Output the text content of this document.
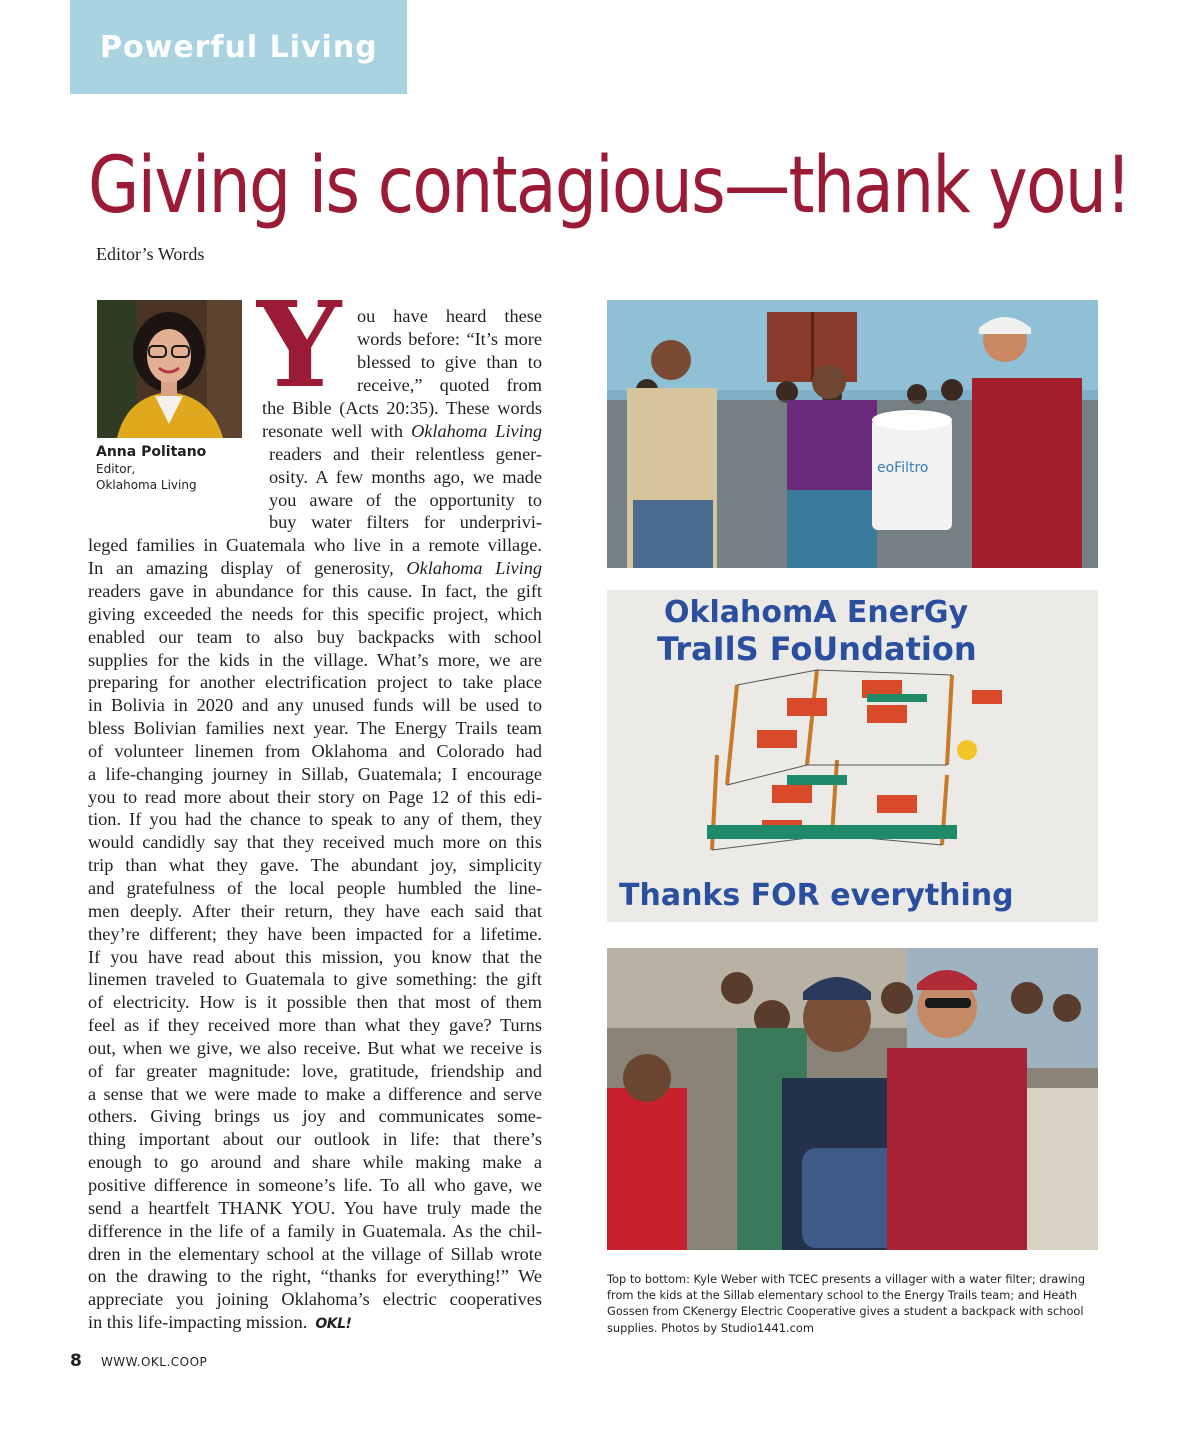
Powerful Living
Giving is contagious—thank you!
Editor’s Words
Anna Politano
Editor,
Oklahoma Living
Y ou have heard these
words before: “It’s more
blessed to give than to
receive,” quoted from
the Bible (Acts 20:35). These words
resonate well with Oklahoma Living
readers and their relentless gener-
osity. A few months ago, we made
you aware of the opportunity to
buy water filters for underprivi-
leged families in Guatemala who live in a remote village.
In an amazing display of generosity, Oklahoma Living
readers gave in abundance for this cause. In fact, the gift
giving exceeded the needs for this specific project, which
enabled our team to also buy backpacks with school
supplies for the kids in the village. What’s more, we are
preparing for another electrification project to take place
in Bolivia in 2020 and any unused funds will be used to
bless Bolivian families next year. The Energy Trails team
of volunteer linemen from Oklahoma and Colorado had
a life-changing journey in Sillab, Guatemala; I encourage
you to read more about their story on Page 12 of this edi-
tion. If you had the chance to speak to any of them, they
would candidly say that they received much more on this
trip than what they gave. The abundant joy, simplicity
and gratefulness of the local people humbled the line-
men deeply. After their return, they have each said that
they’re different; they have been impacted for a lifetime.
If you have read about this mission, you know that the
linemen traveled to Guatemala to give something: the gift
of electricity. How is it possible then that most of them
feel as if they received more than what they gave? Turns
out, when we give, we also receive. But what we receive is
of far greater magnitude: love, gratitude, friendship and
a sense that we were made to make a difference and serve
others. Giving brings us joy and communicates some-
thing important about our outlook in life: that there’s
enough to go around and share while making make a
positive difference in someone’s life. To all who gave, we
send a heartfelt THANK YOU. You have truly made the
difference in the life of a family in Guatemala. As the chil-
dren in the elementary school at the village of Sillab wrote
on the drawing to the right, “thanks for everything!” We
appreciate you joining Oklahoma’s electric cooperatives
in this life-impacting mission. OKL!
eoFiltro
OklahomA EnerGy
TraIlS FoUndation
Thanks FOR everything
Top to bottom: Kyle Weber with TCEC presents a villager with a water filter; drawing from the kids at the Sillab elementary school to the Energy Trails team; and Heath Gossen from CKenergy Electric Cooperative gives a student a backpack with school supplies. Photos by Studio1441.com
8 WWW.OKL.COOP
